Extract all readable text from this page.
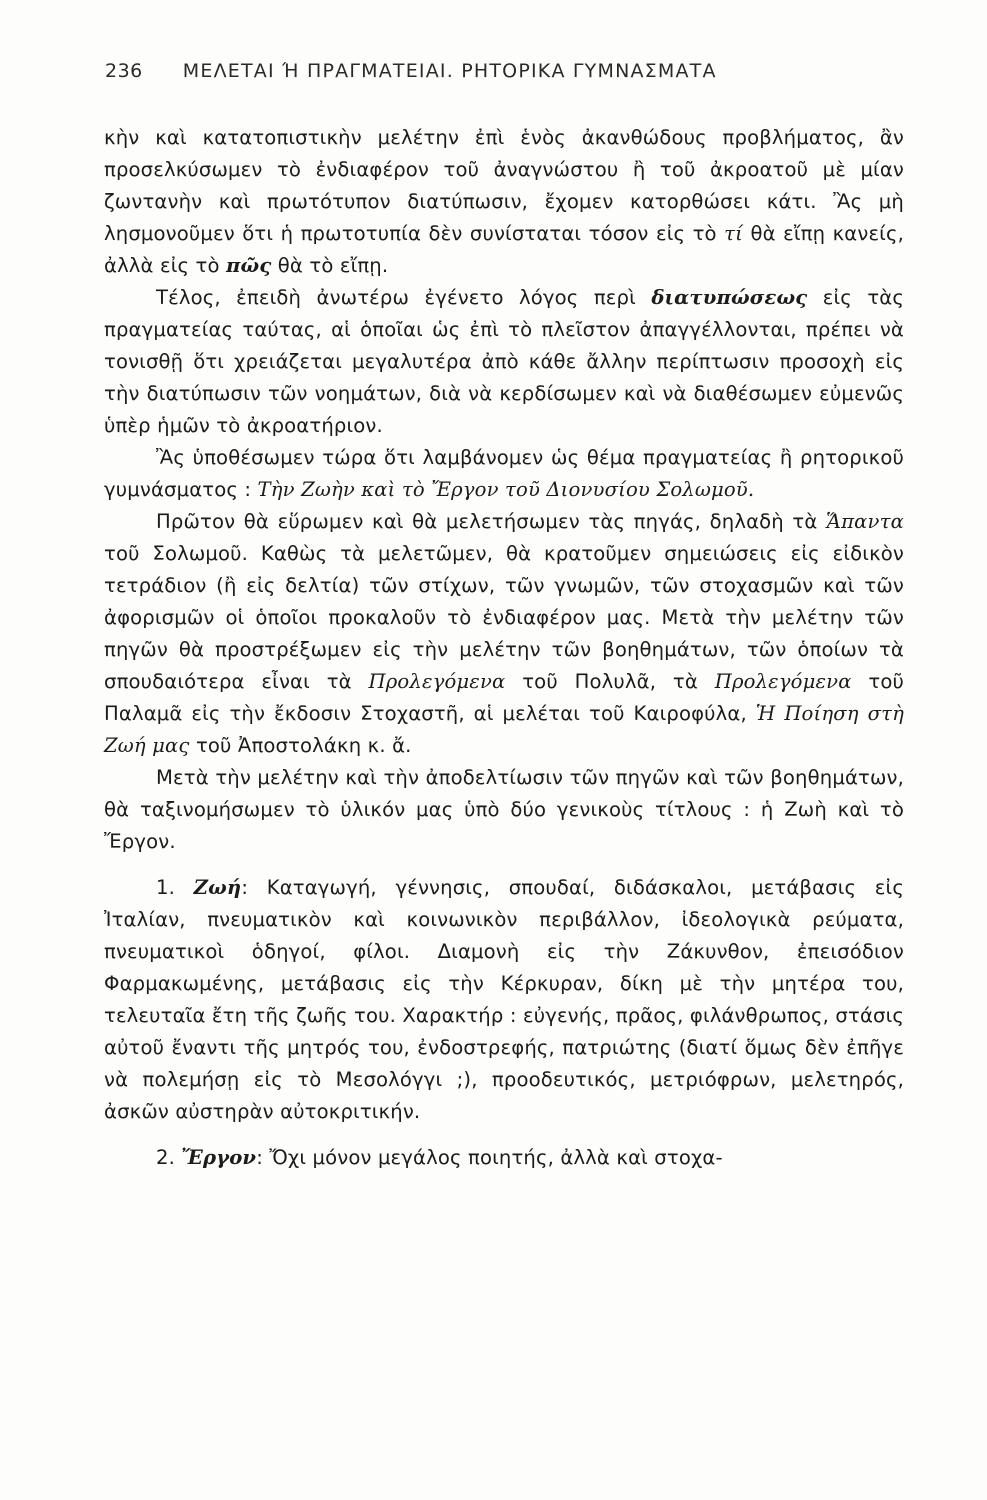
236 ΜΕΛΕΤΑΙ Ή ΠΡΑΓΜΑΤΕΙΑΙ. ΡΗΤΟΡΙΚΑ ΓΥΜΝΑΣΜΑΤΑ

κὴν καὶ κατατοπιστικὴν μελέτην ἐπὶ ἑνὸς ἀκανθώδους προβλήματος, ἂν προσελκύσωμεν τὸ ἐνδιαφέρον τοῦ ἀναγνώστου ἢ τοῦ ἀκροατοῦ μὲ μίαν ζωντανὴν καὶ πρωτότυπον διατύπωσιν, ἔχομεν κατορθώσει κάτι. Ἂς μὴ λησμονοῦμεν ὅτι ἡ πρωτοτυπία δὲν συνίσταται τόσον εἰς τὸ τί θὰ εἴπῃ κανείς, ἀλλὰ εἰς τὸ πῶς θὰ τὸ εἴπῃ.

Τέλος, ἐπειδὴ ἀνωτέρω ἐγένετο λόγος περὶ διατυπώσεως εἰς τὰς πραγματείας ταύτας, αἱ ὁποῖαι ὡς ἐπὶ τὸ πλεῖστον ἀπαγγέλλονται, πρέπει νὰ τονισθῇ ὅτι χρειάζεται μεγαλυτέρα ἀπὸ κάθε ἄλλην περίπτωσιν προσοχὴ εἰς τὴν διατύπωσιν τῶν νοημάτων, διὰ νὰ κερδίσωμεν καὶ νὰ διαθέσωμεν εὐμενῶς ὑπὲρ ἡμῶν τὸ ἀκροατήριον.

Ἂς ὑποθέσωμεν τώρα ὅτι λαμβάνομεν ὡς θέμα πραγματείας ἢ ρητορικοῦ γυμνάσματος : Τὴν Ζωὴν καὶ τὸ Ἔργον τοῦ Διονυσίου Σολωμοῦ.

Πρῶτον θὰ εὕρωμεν καὶ θὰ μελετήσωμεν τὰς πηγάς, δηλαδὴ τὰ Ἅπαντα τοῦ Σολωμοῦ. Καθὼς τὰ μελετῶμεν, θὰ κρατοῦμεν σημειώσεις εἰς εἰδικὸν τετράδιον (ἢ εἰς δελτία) τῶν στίχων, τῶν γνωμῶν, τῶν στοχασμῶν καὶ τῶν ἀφορισμῶν οἱ ὁποῖοι προκαλοῦν τὸ ἐνδιαφέρον μας. Μετὰ τὴν μελέτην τῶν πηγῶν θὰ προστρέξωμεν εἰς τὴν μελέτην τῶν βοηθημάτων, τῶν ὁποίων τὰ σπουδαιότερα εἶναι τὰ Προλεγόμενα τοῦ Πολυλᾶ, τὰ Προλεγόμενα τοῦ Παλαμᾶ εἰς τὴν ἔκδοσιν Στοχαστῆ, αἱ μελέται τοῦ Καιροφύλα, Ἡ Ποίηση στὴ Ζωή μας τοῦ Ἀποστολάκη κ. ἄ.

Μετὰ τὴν μελέτην καὶ τὴν ἀποδελτίωσιν τῶν πηγῶν καὶ τῶν βοηθημάτων, θὰ ταξινομήσωμεν τὸ ὑλικόν μας ὑπὸ δύο γενικοὺς τίτλους : ἡ Ζωὴ καὶ τὸ Ἔργον.

1. Ζωή: Καταγωγή, γέννησις, σπουδαί, διδάσκαλοι, μετάβασις εἰς Ἰταλίαν, πνευματικὸν καὶ κοινωνικὸν περιβάλλον, ἰδεολογικὰ ρεύματα, πνευματικοὶ ὁδηγοί, φίλοι. Διαμονὴ εἰς τὴν Ζάκυνθον, ἐπεισόδιον Φαρμακωμένης, μετάβασις εἰς τὴν Κέρκυραν, δίκη μὲ τὴν μητέρα του, τελευταῖα ἔτη τῆς ζωῆς του. Χαρακτήρ : εὐγενής, πρᾶος, φιλάνθρωπος, στάσις αὐτοῦ ἔναντι τῆς μητρός του, ἐνδοστρεφής, πατριώτης (διατί ὅμως δὲν ἐπῆγε νὰ πολεμήσῃ εἰς τὸ Μεσολόγγι ;), προοδευτικός, μετριόφρων, μελετηρός, ἀσκῶν αὐστηρὰν αὐτοκριτικήν.

2. Ἔργον: Ὄχι μόνον μεγάλος ποιητής, ἀλλὰ καὶ στοχα-
